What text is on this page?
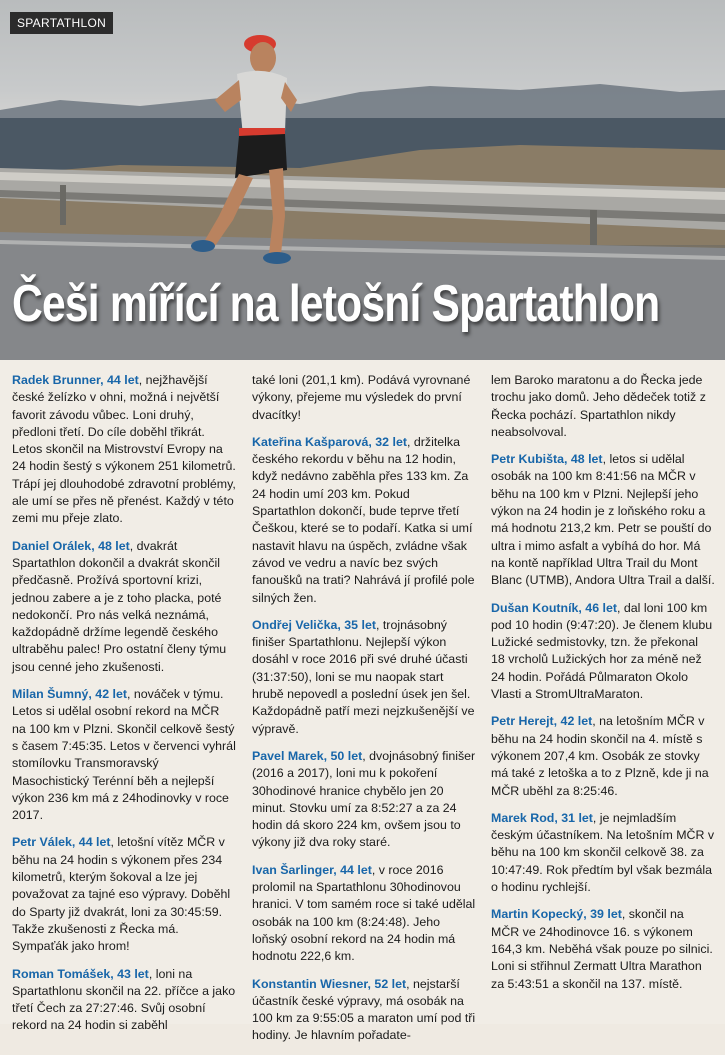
SPARTATHLON
Češi mířící na letošní Spartathlon

Radek Brunner, 44 let, nejžhavější české želízko v ohni, možná i největší favorit závodu vůbec. Loni druhý, předloni třetí. Do cíle doběhl třikrát. Letos skončil na Mistrovství Evropy na 24 hodin šestý s výkonem 251 kilometrů. Trápí jej dlouhodobé zdravotní problémy, ale umí se přes ně přenést. Každý v této zemi mu přeje zlato.

Daniel Orálek, 48 let, dvakrát Spartathlon dokončil a dvakrát skončil předčasně. Prožívá sportovní krizi, jednou zabere a je z toho placka, poté nedokončí. Pro nás velká neznámá, každopádně držíme legendě českého ultraběhu palec! Pro ostatní členy týmu jsou cenné jeho zkušenosti.

Milan Šumný, 42 let, nováček v týmu. Letos si udělal osobní rekord na MČR na 100 km v Plzni. Skončil celkově šestý s časem 7:45:35. Letos v červenci vyhrál stomílovku Transmoravský Masochistický Terénní běh a nejlepší výkon 236 km má z 24hodinovky v roce 2017.

Petr Válek, 44 let, letošní vítěz MČR v běhu na 24 hodin s výkonem přes 234 kilometrů, kterým šokoval a lze jej považovat za tajné eso výpravy. Doběhl do Sparty již dvakrát, loni za 30:45:59. Takže zkušenosti z Řecka má. Sympaťák jako hrom!

Roman Tomášek, 43 let, loni na Spartathlonu skončil na 22. příčce a jako třetí Čech za 27:27:46. Svůj osobní rekord na 24 hodin si zaběhl

také loni (201,1 km). Podává vyrovnané výkony, přejeme mu výsledek do první dvacítky!

Kateřina Kašparová, 32 let, držitelka českého rekordu v běhu na 12 hodin, když nedávno zaběhla přes 133 km. Za 24 hodin umí 203 km. Pokud Spartathlon dokončí, bude teprve třetí Češkou, které se to podaří. Katka si umí nastavit hlavu na úspěch, zvládne však závod ve vedru a navíc bez svých fanoušků na trati? Nahrává jí profilé pole silných žen.

Ondřej Velička, 35 let, trojnásobný finišer Spartathlonu. Nejlepší výkon dosáhl v roce 2016 při své druhé účasti (31:37:50), loni se mu naopak start hrubě nepovedl a poslední úsek jen šel. Každopádně patří mezi nejzkušenější ve výpravě.

Pavel Marek, 50 let, dvojnásobný finišer (2016 a 2017), loni mu k pokoření 30hodinové hranice chybělo jen 20 minut. Stovku umí za 8:52:27 a za 24 hodin dá skoro 224 km, ovšem jsou to výkony již dva roky staré.

Ivan Šarlinger, 44 let, v roce 2016 prolomil na Spartathlonu 30hodinovou hranici. V tom samém roce si také udělal osobák na 100 km (8:24:48). Jeho loňský osobní rekord na 24 hodin má hodnotu 222,6 km.

Konstantin Wiesner, 52 let, nejstarší účastník české výpravy, má osobák na 100 km za 9:55:05 a maraton umí pod tři hodiny. Je hlavním pořadate-

lem Baroko maratonu a do Řecka jede trochu jako domů. Jeho dědeček totiž z Řecka pochází. Spartathlon nikdy neabsolvoval.

Petr Kubišta, 48 let, letos si udělal osobák na 100 km 8:41:56 na MČR v běhu na 100 km v Plzni. Nejlepší jeho výkon na 24 hodin je z loňského roku a má hodnotu 213,2 km. Petr se pouští do ultra i mimo asfalt a vybíhá do hor. Má na kontě například Ultra Trail du Mont Blanc (UTMB), Andora Ultra Trail a další.

Dušan Koutník, 46 let, dal loni 100 km pod 10 hodin (9:47:20). Je členem klubu Lužické sedmistovky, tzn. že překonal 18 vrcholů Lužických hor za méně než 24 hodin. Pořádá Půlmaraton Okolo Vlasti a StromUltraMaraton.

Petr Herejt, 42 let, na letošním MČR v běhu na 24 hodin skončil na 4. místě s výkonem 207,4 km. Osobák ze stovky má také z letoška a to z Plzně, kde ji na MČR uběhl za 8:25:46.

Marek Rod, 31 let, je nejmladším českým účastníkem. Na letošním MČR v běhu na 100 km skončil celkově 38. za 10:47:49. Rok předtím byl však bezmála o hodinu rychlejší.

Martin Kopecký, 39 let, skončil na MČR ve 24hodinovce 16. s výkonem 164,3 km. Neběhá však pouze po silnici. Loni si střihnul Zermatt Ultra Marathon za 5:43:51 a skončil na 137. místě.
